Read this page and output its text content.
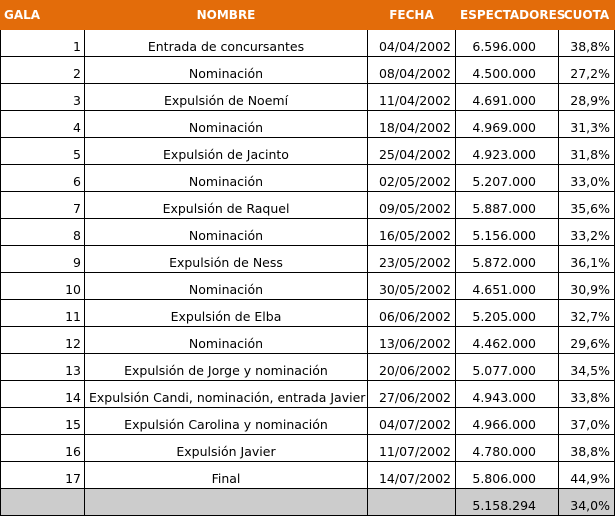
GALA	NOMBRE	FECHA	ESPECTADORES	CUOTA
1	Entrada de concursantes	04/04/2002	6.596.000	38,8%
2	Nominación	08/04/2002	4.500.000	27,2%
3	Expulsión de Noemí	11/04/2002	4.691.000	28,9%
4	Nominación	18/04/2002	4.969.000	31,3%
5	Expulsión de Jacinto	25/04/2002	4.923.000	31,8%
6	Nominación	02/05/2002	5.207.000	33,0%
7	Expulsión de Raquel	09/05/2002	5.887.000	35,6%
8	Nominación	16/05/2002	5.156.000	33,2%
9	Expulsión de Ness	23/05/2002	5.872.000	36,1%
10	Nominación	30/05/2002	4.651.000	30,9%
11	Expulsión de Elba	06/06/2002	5.205.000	32,7%
12	Nominación	13/06/2002	4.462.000	29,6%
13	Expulsión de Jorge y nominación	20/06/2002	5.077.000	34,5%
14	Expulsión Candi, nominación, entrada Javier	27/06/2002	4.943.000	33,8%
15	Expulsión Carolina y nominación	04/07/2002	4.966.000	37,0%
16	Expulsión Javier	11/07/2002	4.780.000	38,8%
17	Final	14/07/2002	5.806.000	44,9%
			5.158.294	34,0%
